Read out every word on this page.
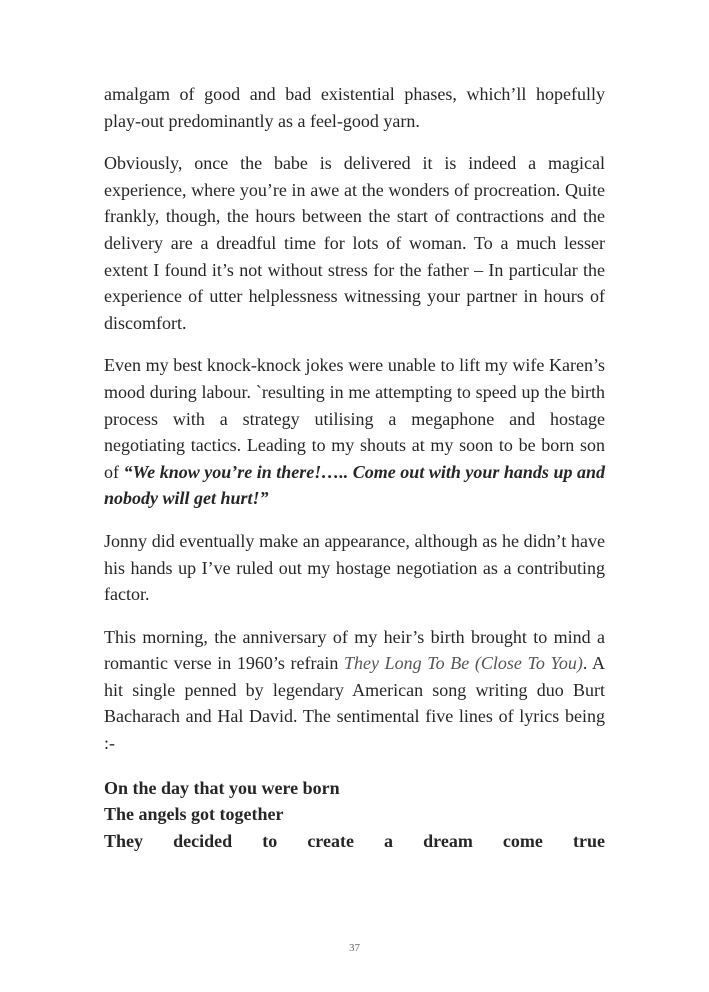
amalgam of good and bad existential phases, which’ll hopefully play-out predominantly as a feel-good yarn.

Obviously, once the babe is delivered it is indeed a magical experience, where you’re in awe at the wonders of procreation. Quite frankly, though, the hours between the start of contractions and the delivery are a dreadful time for lots of woman. To a much lesser extent I found it’s not without stress for the father – In particular the experience of utter helplessness witnessing your partner in hours of discomfort.

Even my best knock-knock jokes were unable to lift my wife Karen’s mood during labour. `resulting in me attempting to speed up the birth process with a strategy utilising a megaphone and hostage negotiating tactics. Leading to my shouts at my soon to be born son of “We know you’re in there!….. Come out with your hands up and nobody will get hurt!”

Jonny did eventually make an appearance, although as he didn’t have his hands up I’ve ruled out my hostage negotiation as a contributing factor.

This morning, the anniversary of my heir’s birth brought to mind a romantic verse in 1960’s refrain They Long To Be (Close To You). A hit single penned by legendary American song writing duo Burt Bacharach and Hal David. The sentimental five lines of lyrics being :-

On the day that you were born
The angels got together
They decided to create a dream come true
37
